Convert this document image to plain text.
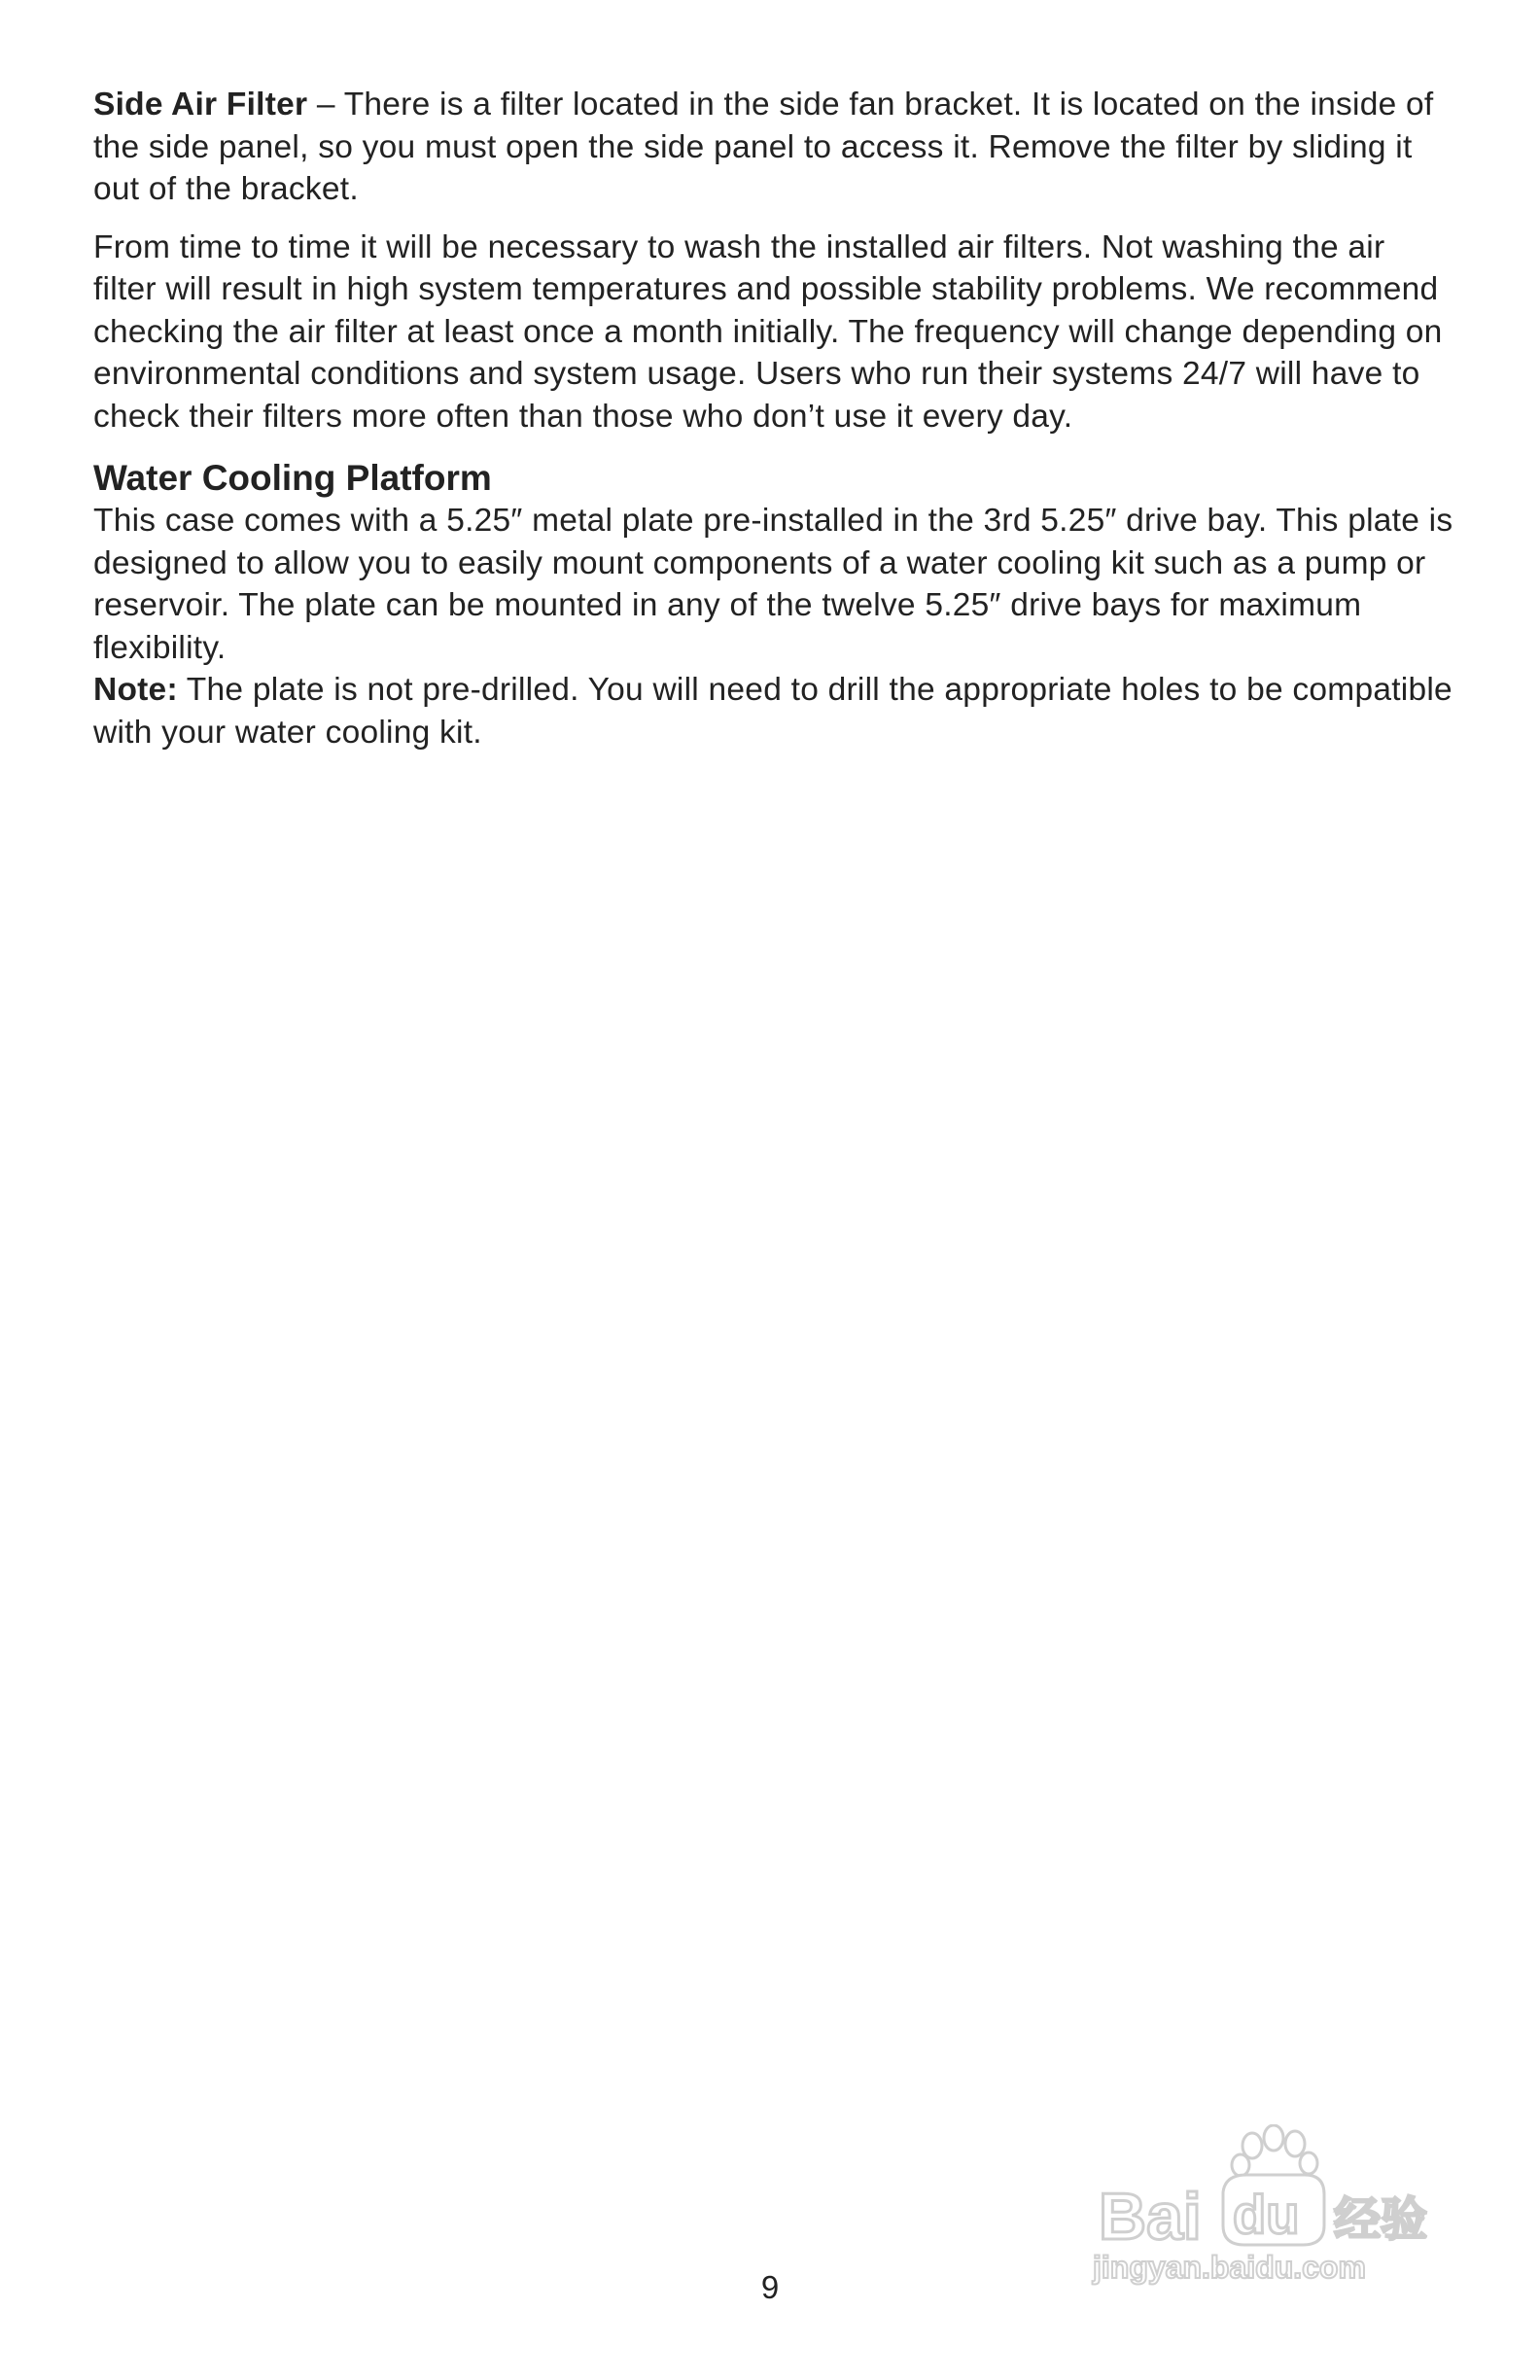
Side Air Filter – There is a filter located in the side fan bracket. It is located on the inside of the side panel, so you must open the side panel to access it. Remove the filter by sliding it out of the bracket.

From time to time it will be necessary to wash the installed air filters. Not washing the air filter will result in high system temperatures and possible stability problems. We recommend checking the air filter at least once a month initially. The frequency will change depending on environmental conditions and system usage. Users who run their systems 24/7 will have to check their filters more often than those who don’t use it every day.

Water Cooling Platform

This case comes with a 5.25″ metal plate pre-installed in the 3rd 5.25″ drive bay. This plate is designed to allow you to easily mount components of a water cooling kit such as a pump or reservoir. The plate can be mounted in any of the twelve 5.25″ drive bays for maximum flexibility.

Note: The plate is not pre-drilled. You will need to drill the appropriate holes to be compatible with your water cooling kit.

9
Bai du 经验
jingyan.baidu.com
